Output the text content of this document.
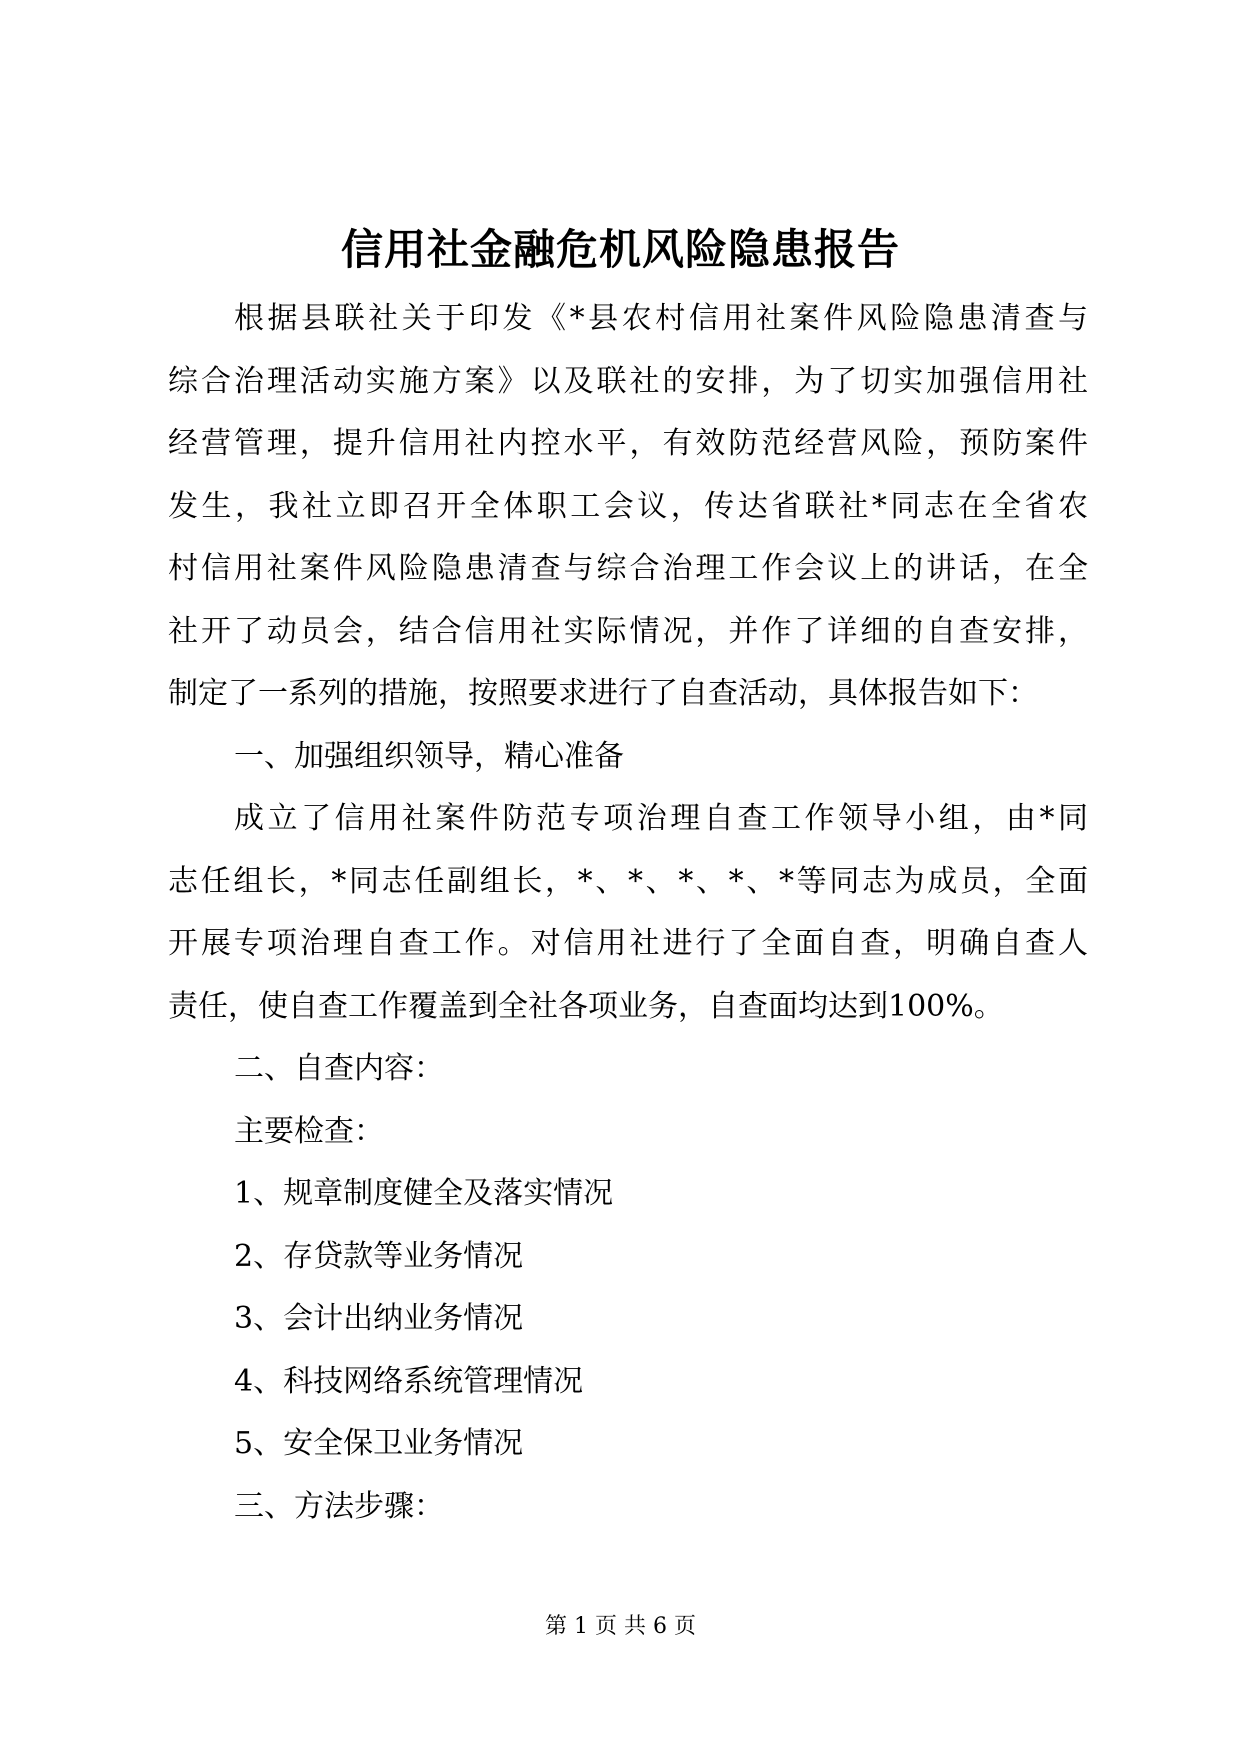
信用社金融危机风险隐患报告
根据县联社关于印发《*县农村信用社案件风险隐患清查与
综合治理活动实施方案》以及联社的安排，为了切实加强信用社
经营管理，提升信用社内控水平，有效防范经营风险，预防案件
发生，我社立即召开全体职工会议，传达省联社*同志在全省农
村信用社案件风险隐患清查与综合治理工作会议上的讲话，在全
社开了动员会，结合信用社实际情况，并作了详细的自查安排，
制定了一系列的措施，按照要求进行了自查活动，具体报告如下：
一、加强组织领导，精心准备
成立了信用社案件防范专项治理自查工作领导小组，由*同
志任组长，*同志任副组长，*、*、*、*、*等同志为成员，全面
开展专项治理自查工作。对信用社进行了全面自查，明确自查人
责任，使自查工作覆盖到全社各项业务，自查面均达到100%。
二、自查内容：
主要检查：
1、规章制度健全及落实情况
2、存贷款等业务情况
3、会计出纳业务情况
4、科技网络系统管理情况
5、安全保卫业务情况
三、方法步骤：
第 1 页 共 6 页
